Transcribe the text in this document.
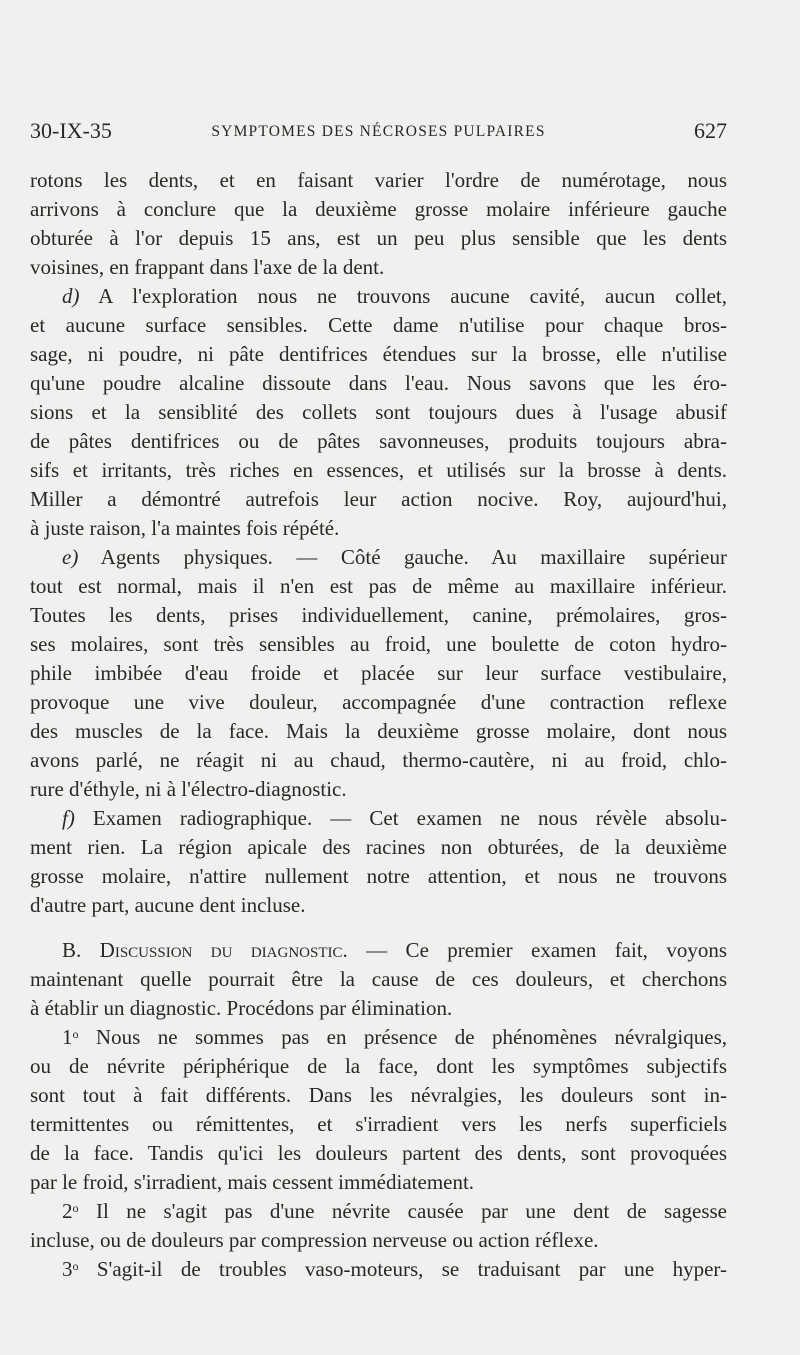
30-IX-35	SYMPTOMES DES NÉCROSES PULPAIRES	627
rotons les dents, et en faisant varier l'ordre de numérotage, nous
arrivons à conclure que la deuxième grosse molaire inférieure gauche
obturée à l'or depuis 15 ans, est un peu plus sensible que les dents
voisines, en frappant dans l'axe de la dent.
d) A l'exploration nous ne trouvons aucune cavité, aucun collet,
et aucune surface sensibles. Cette dame n'utilise pour chaque bros-
sage, ni poudre, ni pâte dentifrices étendues sur la brosse, elle n'utilise
qu'une poudre alcaline dissoute dans l'eau. Nous savons que les éro-
sions et la sensiblité des collets sont toujours dues à l'usage abusif
de pâtes dentifrices ou de pâtes savonneuses, produits toujours abra-
sifs et irritants, très riches en essences, et utilisés sur la brosse à dents.
Miller a démontré autrefois leur action nocive. Roy, aujourd'hui,
à juste raison, l'a maintes fois répété.
e) Agents physiques. — Côté gauche. Au maxillaire supérieur
tout est normal, mais il n'en est pas de même au maxillaire inférieur.
Toutes les dents, prises individuellement, canine, prémolaires, gros-
ses molaires, sont très sensibles au froid, une boulette de coton hydro-
phile imbibée d'eau froide et placée sur leur surface vestibulaire,
provoque une vive douleur, accompagnée d'une contraction reflexe
des muscles de la face. Mais la deuxième grosse molaire, dont nous
avons parlé, ne réagit ni au chaud, thermo-cautère, ni au froid, chlo-
rure d'éthyle, ni à l'électro-diagnostic.
f) Examen radiographique. — Cet examen ne nous révèle absolu-
ment rien. La région apicale des racines non obturées, de la deuxième
grosse molaire, n'attire nullement notre attention, et nous ne trouvons
d'autre part, aucune dent incluse.
B. Discussion du diagnostic. — Ce premier examen fait, voyons
maintenant quelle pourrait être la cause de ces douleurs, et cherchons
à établir un diagnostic. Procédons par élimination.
1$^o$ Nous ne sommes pas en présence de phénomènes névralgiques,
ou de névrite périphérique de la face, dont les symptômes subjectifs
sont tout à fait différents. Dans les névralgies, les douleurs sont in-
termittentes ou rémittentes, et s'irradient vers les nerfs superficiels
de la face. Tandis qu'ici les douleurs partent des dents, sont provoquées
par le froid, s'irradient, mais cessent immédiatement.
2$^o$ Il ne s'agit pas d'une névrite causée par une dent de sagesse
incluse, ou de douleurs par compression nerveuse ou action réflexe.
3$^o$ S'agit-il de troubles vaso-moteurs, se traduisant par une hyper-
